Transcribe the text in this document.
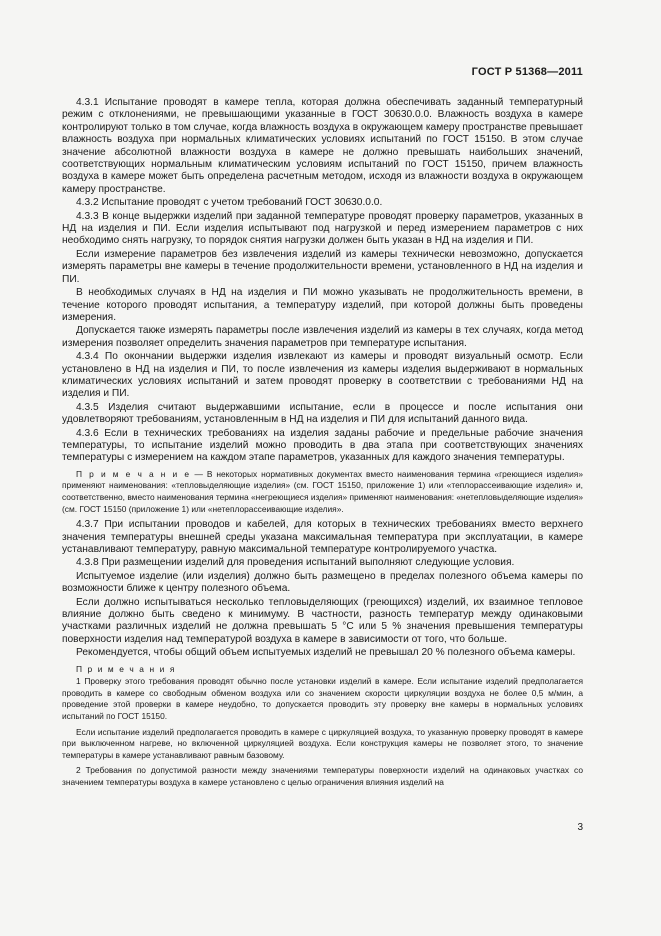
ГОСТ Р 51368—2011

4.3.1 Испытание проводят в камере тепла, которая должна обеспечивать заданный температурный режим с отклонениями, не превышающими указанные в ГОСТ 30630.0.0. Влажность воздуха в камере контролируют только в том случае, когда влажность воздуха в окружающем камеру пространстве превышает влажность воздуха при нормальных климатических условиях испытаний по ГОСТ 15150. В этом случае значение абсолютной влажности воздуха в камере не должно превышать наибольших значений, соответствующих нормальным климатическим условиям испытаний по ГОСТ 15150, причем влажность воздуха в камере может быть определена расчетным методом, исходя из влажности воздуха в окружающем камеру пространстве.

4.3.2 Испытание проводят с учетом требований ГОСТ 30630.0.0.

4.3.3 В конце выдержки изделий при заданной температуре проводят проверку параметров, указанных в НД на изделия и ПИ. Если изделия испытывают под нагрузкой и перед измерением параметров с них необходимо снять нагрузку, то порядок снятия нагрузки должен быть указан в НД на изделия и ПИ.

Если измерение параметров без извлечения изделий из камеры технически невозможно, допускается измерять параметры вне камеры в течение продолжительности времени, установленного в НД на изделия и ПИ.

В необходимых случаях в НД на изделия и ПИ можно указывать не продолжительность времени, в течение которого проводят испытания, а температуру изделий, при которой должны быть проведены измерения.

Допускается также измерять параметры после извлечения изделий из камеры в тех случаях, когда метод измерения позволяет определить значения параметров при температуре испытания.

4.3.4 По окончании выдержки изделия извлекают из камеры и проводят визуальный осмотр. Если установлено в НД на изделия и ПИ, то после извлечения из камеры изделия выдерживают в нормальных климатических условиях испытаний и затем проводят проверку в соответствии с требованиями НД на изделия и ПИ.

4.3.5 Изделия считают выдержавшими испытание, если в процессе и после испытания они удовлетворяют требованиям, установленным в НД на изделия и ПИ для испытаний данного вида.

4.3.6 Если в технических требованиях на изделия заданы рабочие и предельные рабочие значения температуры, то испытание изделий можно проводить в два этапа при соответствующих значениях температуры с измерением на каждом этапе параметров, указанных для каждого значения температуры.

П р и м е ч а н и е — В некоторых нормативных документах вместо наименования термина «греющиеся изделия» применяют наименования: «тепловыделяющие изделия» (см. ГОСТ 15150, приложение 1) или «теплорассеивающие изделия» и, соответственно, вместо наименования термина «негреющиеся изделия» применяют наименования: «нетепловыделяющие изделия» (см. ГОСТ 15150 (приложение 1) или «нетеплорассеивающие изделия».

4.3.7 При испытании проводов и кабелей, для которых в технических требованиях вместо верхнего значения температуры внешней среды указана максимальная температура при эксплуатации, в камере устанавливают температуру, равную максимальной температуре контролируемого участка.

4.3.8 При размещении изделий для проведения испытаний выполняют следующие условия.

Испытуемое изделие (или изделия) должно быть размещено в пределах полезного объема камеры по возможности ближе к центру полезного объема.

Если должно испытываться несколько тепловыделяющих (греющихся) изделий, их взаимное тепловое влияние должно быть сведено к минимуму. В частности, разность температур между одинаковыми участками различных изделий не должна превышать 5 °С или 5 % значения превышения температуры поверхности изделия над температурой воздуха в камере в зависимости от того, что больше.

Рекомендуется, чтобы общий объем испытуемых изделий не превышал 20 % полезного объема камеры.

П р и м е ч а н и я

1 Проверку этого требования проводят обычно после установки изделий в камере. Если испытание изделий предполагается проводить в камере со свободным обменом воздуха или со значением скорости циркуляции воздуха не более 0,5 м/мин, а проведение этой проверки в камере неудобно, то допускается проводить эту проверку вне камеры в нормальных условиях испытаний по ГОСТ 15150.

Если испытание изделий предполагается проводить в камере с циркуляцией воздуха, то указанную проверку проводят в камере при выключенном нагреве, но включенной циркуляцией воздуха. Если конструкция камеры не позволяет этого, то значение температуры в камере устанавливают равным базовому.

2 Требования по допустимой разности между значениями температуры поверхности изделий на одинаковых участках со значением температуры воздуха в камере установлено с целью ограничения влияния изделий на

3
